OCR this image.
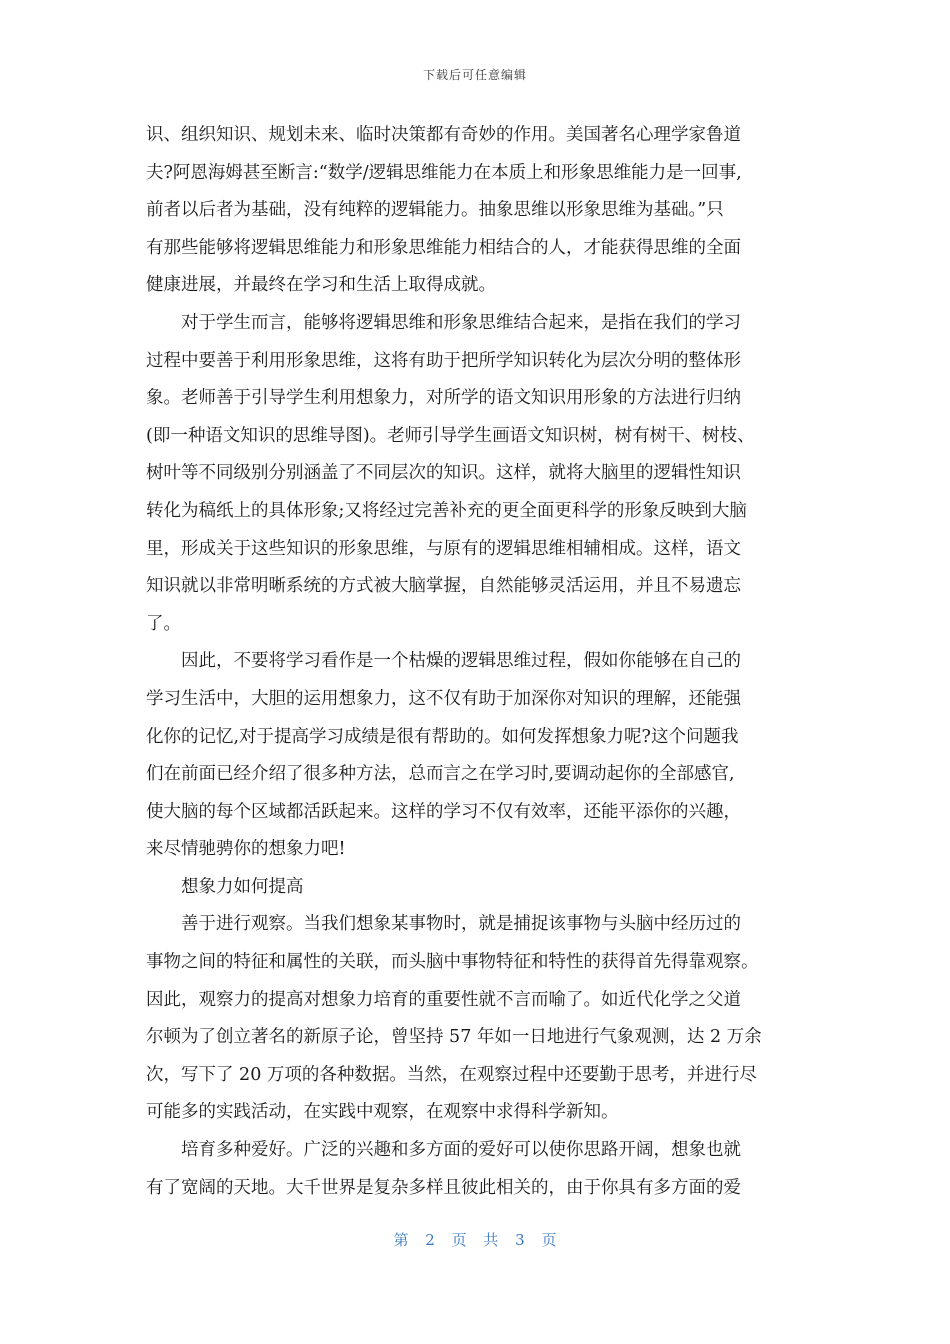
下载后可任意编辑
识、组织知识、规划未来、临时决策都有奇妙的作用。美国著名心理学家鲁道
夫?阿恩海姆甚至断言:“数学/逻辑思维能力在本质上和形象思维能力是一回事,
前者以后者为基础，没有纯粹的逻辑能力。抽象思维以形象思维为基础。”只
有那些能够将逻辑思维能力和形象思维能力相结合的人，才能获得思维的全面
健康进展，并最终在学习和生活上取得成就。
对于学生而言，能够将逻辑思维和形象思维结合起来，是指在我们的学习
过程中要善于利用形象思维，这将有助于把所学知识转化为层次分明的整体形
象。老师善于引导学生利用想象力，对所学的语文知识用形象的方法进行归纳
(即一种语文知识的思维导图)。老师引导学生画语文知识树，树有树干、树枝、
树叶等不同级别分别涵盖了不同层次的知识。这样，就将大脑里的逻辑性知识
转化为稿纸上的具体形象;又将经过完善补充的更全面更科学的形象反映到大脑
里，形成关于这些知识的形象思维，与原有的逻辑思维相辅相成。这样，语文
知识就以非常明晰系统的方式被大脑掌握，自然能够灵活运用，并且不易遗忘
了。
因此，不要将学习看作是一个枯燥的逻辑思维过程，假如你能够在自己的
学习生活中，大胆的运用想象力，这不仅有助于加深你对知识的理解，还能强
化你的记忆,对于提高学习成绩是很有帮助的。如何发挥想象力呢?这个问题我
们在前面已经介绍了很多种方法，总而言之在学习时,要调动起你的全部感官,
使大脑的每个区域都活跃起来。这样的学习不仅有效率，还能平添你的兴趣，
来尽情驰骋你的想象力吧!
想象力如何提高
善于进行观察。当我们想象某事物时，就是捕捉该事物与头脑中经历过的
事物之间的特征和属性的关联，而头脑中事物特征和特性的获得首先得靠观察。
因此，观察力的提高对想象力培育的重要性就不言而喻了。如近代化学之父道
尔顿为了创立著名的新原子论，曾坚持 57 年如一日地进行气象观测，达 2 万余
次，写下了 20 万项的各种数据。当然，在观察过程中还要勤于思考，并进行尽
可能多的实践活动，在实践中观察，在观察中求得科学新知。
培育多种爱好。广泛的兴趣和多方面的爱好可以使你思路开阔，想象也就
有了宽阔的天地。大千世界是复杂多样且彼此相关的，由于你具有多方面的爱
第 2 页 共 3 页
